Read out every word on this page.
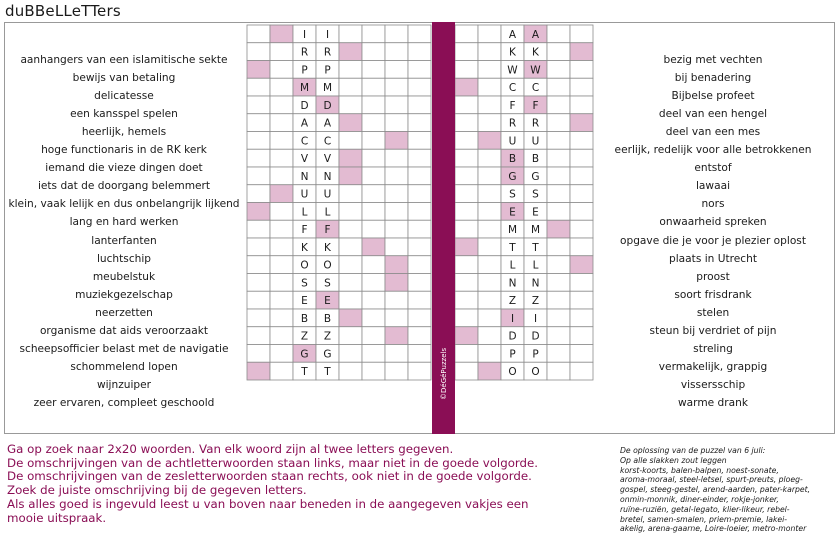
duBBeLLeTTers
©DéGéPuzzels
I I	A A
R R	K K
P P	W W
M M	C C
D D	F F
A A	R R
C C	U U
V V	B B
N N	G G
U U	S S
L L	E E
F F	M M
K K	T T
O O	L L
S S	N N
E E	Z Z
B B	I I
Z Z	D D
G G	P P
T T	O O
aanhangers van een islamitische sekte
bewijs van betaling
delicatesse
een kansspel spelen
heerlijk, hemels
hoge functionaris in de RK kerk
iemand die vieze dingen doet
iets dat de doorgang belemmert
klein, vaak lelijk en dus onbelangrijk lijkend
lang en hard werken
lanterfanten
luchtschip
meubelstuk
muziekgezelschap
neerzetten
organisme dat aids veroorzaakt
scheepsofficier belast met de navigatie
schommelend lopen
wijnzuiper
zeer ervaren, compleet geschoold
bezig met vechten
bij benadering
Bijbelse profeet
deel van een hengel
deel van een mes
eerlijk, redelijk voor alle betrokkenen
entstof
lawaai
nors
onwaarheid spreken
opgave die je voor je plezier oplost
plaats in Utrecht
proost
soort frisdrank
stelen
steun bij verdriet of pijn
streling
vermakelijk, grappig
vissersschip
warme drank
Ga op zoek naar 2x20 woorden. Van elk woord zijn al twee letters gegeven.
De omschrijvingen van de achtletterwoorden staan links, maar niet in de goede volgorde.
De omschrijvingen van de zesletterwoorden staan rechts, ook niet in de goede volgorde.
Zoek de juiste omschrijving bij de gegeven letters.
Als alles goed is ingevuld leest u van boven naar beneden in de aangegeven vakjes een
mooie uitspraak.
De oplossing van de puzzel van 6 juli:
Op alle slakken zout leggen
korst-koorts, balen-balpen, noest-sonate,
aroma-moraal, steel-letsel, spurt-preuts, ploeg-
gospel, steeg-gestel, arend-aarden, pater-karpet,
onmin-monnik, diner-einder, rokje-jonker,
ruïne-ruziën, getal-legato, klier-likeur, rebel-
bretel, samen-smalen, priem-premie, lakei-
akelig, arena-gaarne, Loire-loeier, metro-monter
